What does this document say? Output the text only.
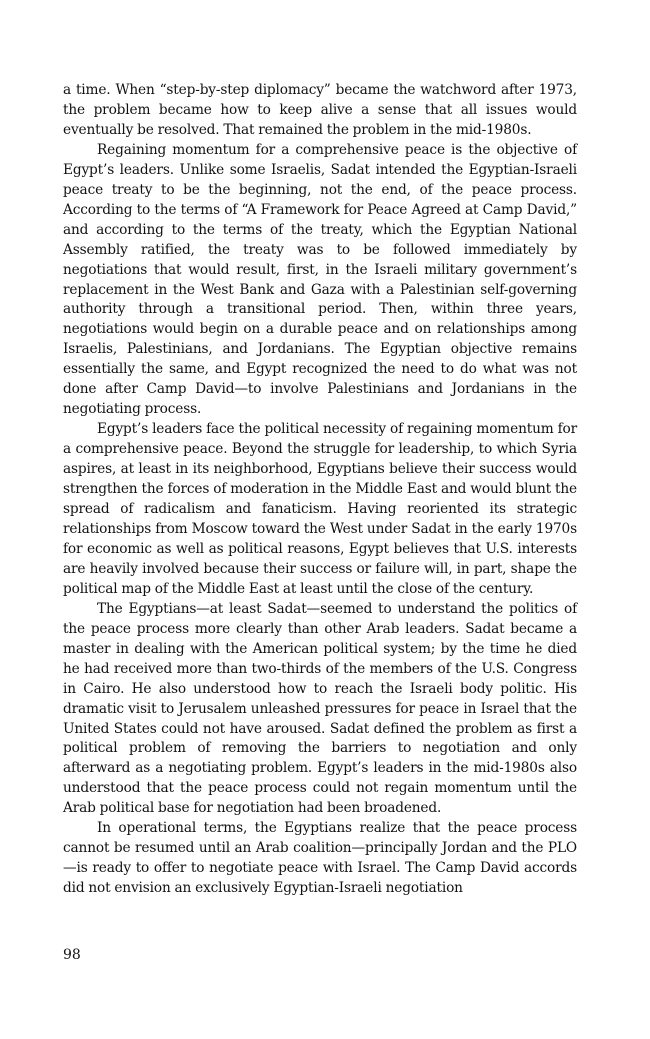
a time. When “step-by-step diplomacy” became the watchword after 1973, the problem became how to keep alive a sense that all issues would eventually be resolved. That remained the problem in the mid-1980s.

Regaining momentum for a comprehensive peace is the objective of Egypt’s leaders. Unlike some Israelis, Sadat intended the Egyptian-Israeli peace treaty to be the beginning, not the end, of the peace process. According to the terms of “A Framework for Peace Agreed at Camp David,” and according to the terms of the treaty, which the Egyptian National Assembly ratified, the treaty was to be followed immediately by negotiations that would result, first, in the Israeli military government’s replacement in the West Bank and Gaza with a Palestinian self-governing authority through a transitional period. Then, within three years, negotiations would begin on a durable peace and on relationships among Israelis, Palestinians, and Jordanians. The Egyptian objective remains essentially the same, and Egypt recognized the need to do what was not done after Camp David—to involve Palestinians and Jordanians in the negotiating process.

Egypt’s leaders face the political necessity of regaining momentum for a comprehensive peace. Beyond the struggle for leadership, to which Syria aspires, at least in its neighborhood, Egyptians believe their success would strengthen the forces of moderation in the Middle East and would blunt the spread of radicalism and fanaticism. Having reoriented its strategic relationships from Moscow toward the West under Sadat in the early 1970s for economic as well as political reasons, Egypt believes that U.S. interests are heavily involved because their success or failure will, in part, shape the political map of the Middle East at least until the close of the century.

The Egyptians—at least Sadat—seemed to understand the politics of the peace process more clearly than other Arab leaders. Sadat became a master in dealing with the American political system; by the time he died he had received more than two-thirds of the members of the U.S. Congress in Cairo. He also understood how to reach the Israeli body politic. His dramatic visit to Jerusalem unleashed pressures for peace in Israel that the United States could not have aroused. Sadat defined the problem as first a political problem of removing the barriers to negotiation and only afterward as a negotiating problem. Egypt’s leaders in the mid-1980s also understood that the peace process could not regain momentum until the Arab political base for negotiation had been broadened.

In operational terms, the Egyptians realize that the peace process cannot be resumed until an Arab coalition—principally Jordan and the PLO—is ready to offer to negotiate peace with Israel. The Camp David accords did not envision an exclusively Egyptian-Israeli negotiation

98
